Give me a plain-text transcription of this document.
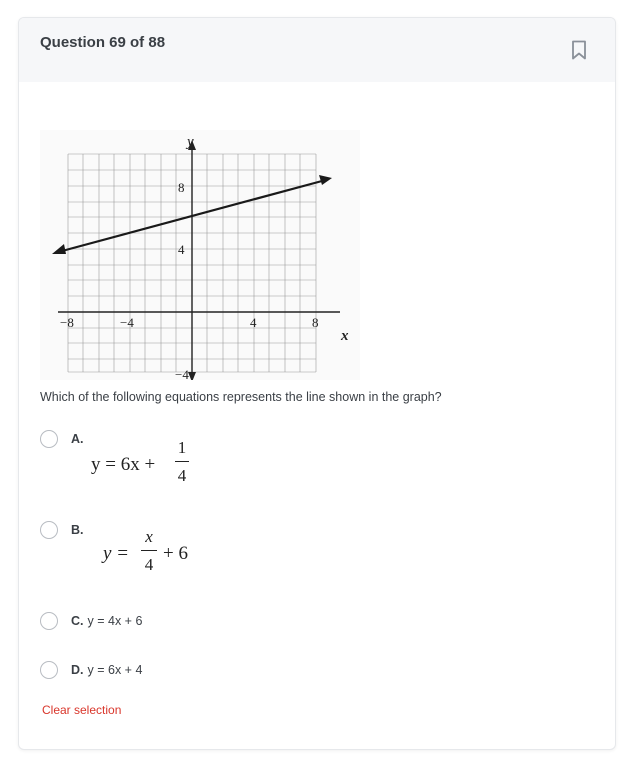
Question 69 of 88
y
x
8
4
−4
−8	−4	4	8
Which of the following equations represents the line shown in the graph?
A.
y = 6x +
1
4
B.
y =
x
4
+ 6
C. y = 4x + 6
D. y = 6x + 4
Clear selection
